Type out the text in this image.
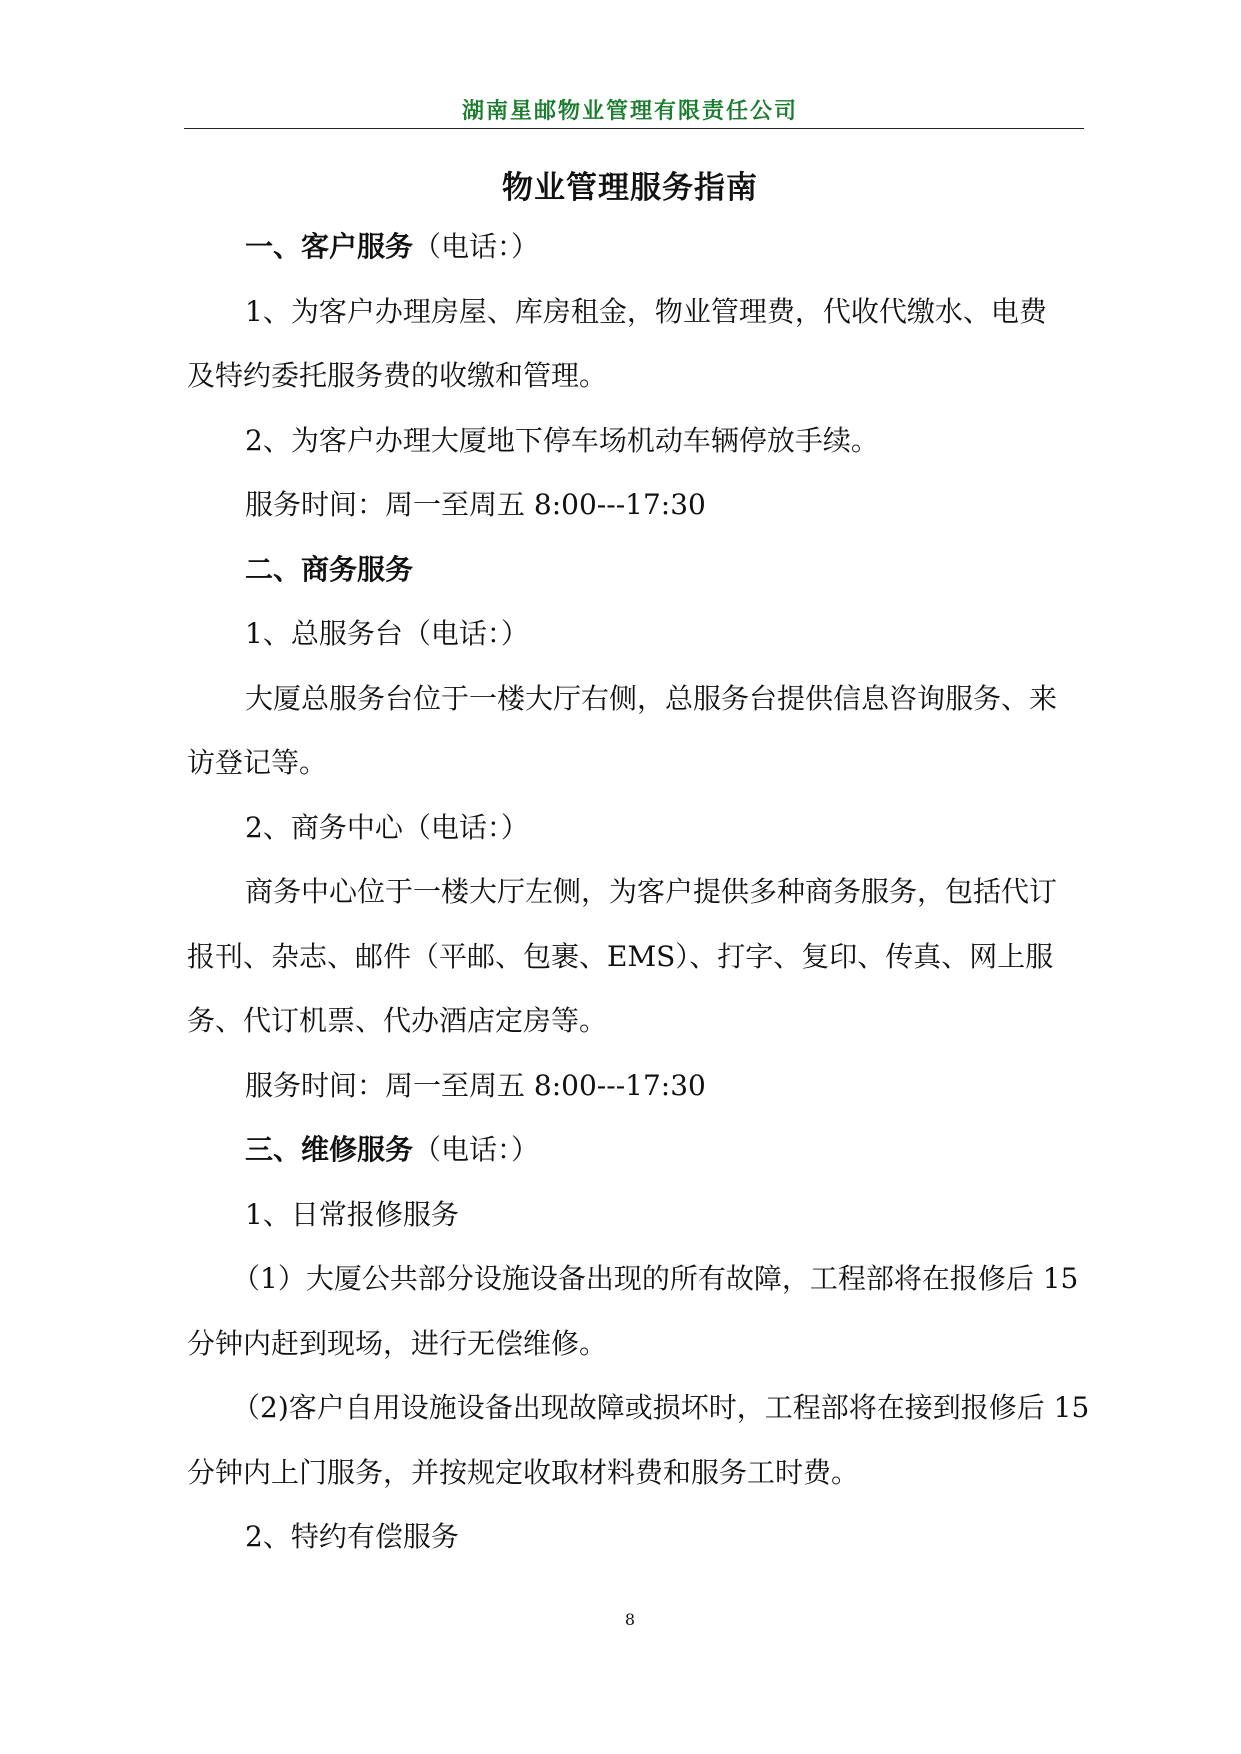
湖南星邮物业管理有限责任公司
物业管理服务指南
一、客户服务（电话：）
1、为客户办理房屋、库房租金，物业管理费，代收代缴水、电费
及特约委托服务费的收缴和管理。
2、为客户办理大厦地下停车场机动车辆停放手续。
服务时间：周一至周五 8:00---17:30
二、商务服务
1、总服务台（电话：）
大厦总服务台位于一楼大厅右侧，总服务台提供信息咨询服务、来
访登记等。
2、商务中心（电话：）
商务中心位于一楼大厅左侧，为客户提供多种商务服务，包括代订
报刊、杂志、邮件（平邮、包裹、EMS）、打字、复印、传真、网上服
务、代订机票、代办酒店定房等。
服务时间：周一至周五 8:00---17:30
三、维修服务（电话：）
1、日常报修服务
（1）大厦公共部分设施设备出现的所有故障，工程部将在报修后 15
分钟内赶到现场，进行无偿维修。
（2)客户自用设施设备出现故障或损坏时，工程部将在接到报修后 15
分钟内上门服务，并按规定收取材料费和服务工时费。
2、特约有偿服务
8
